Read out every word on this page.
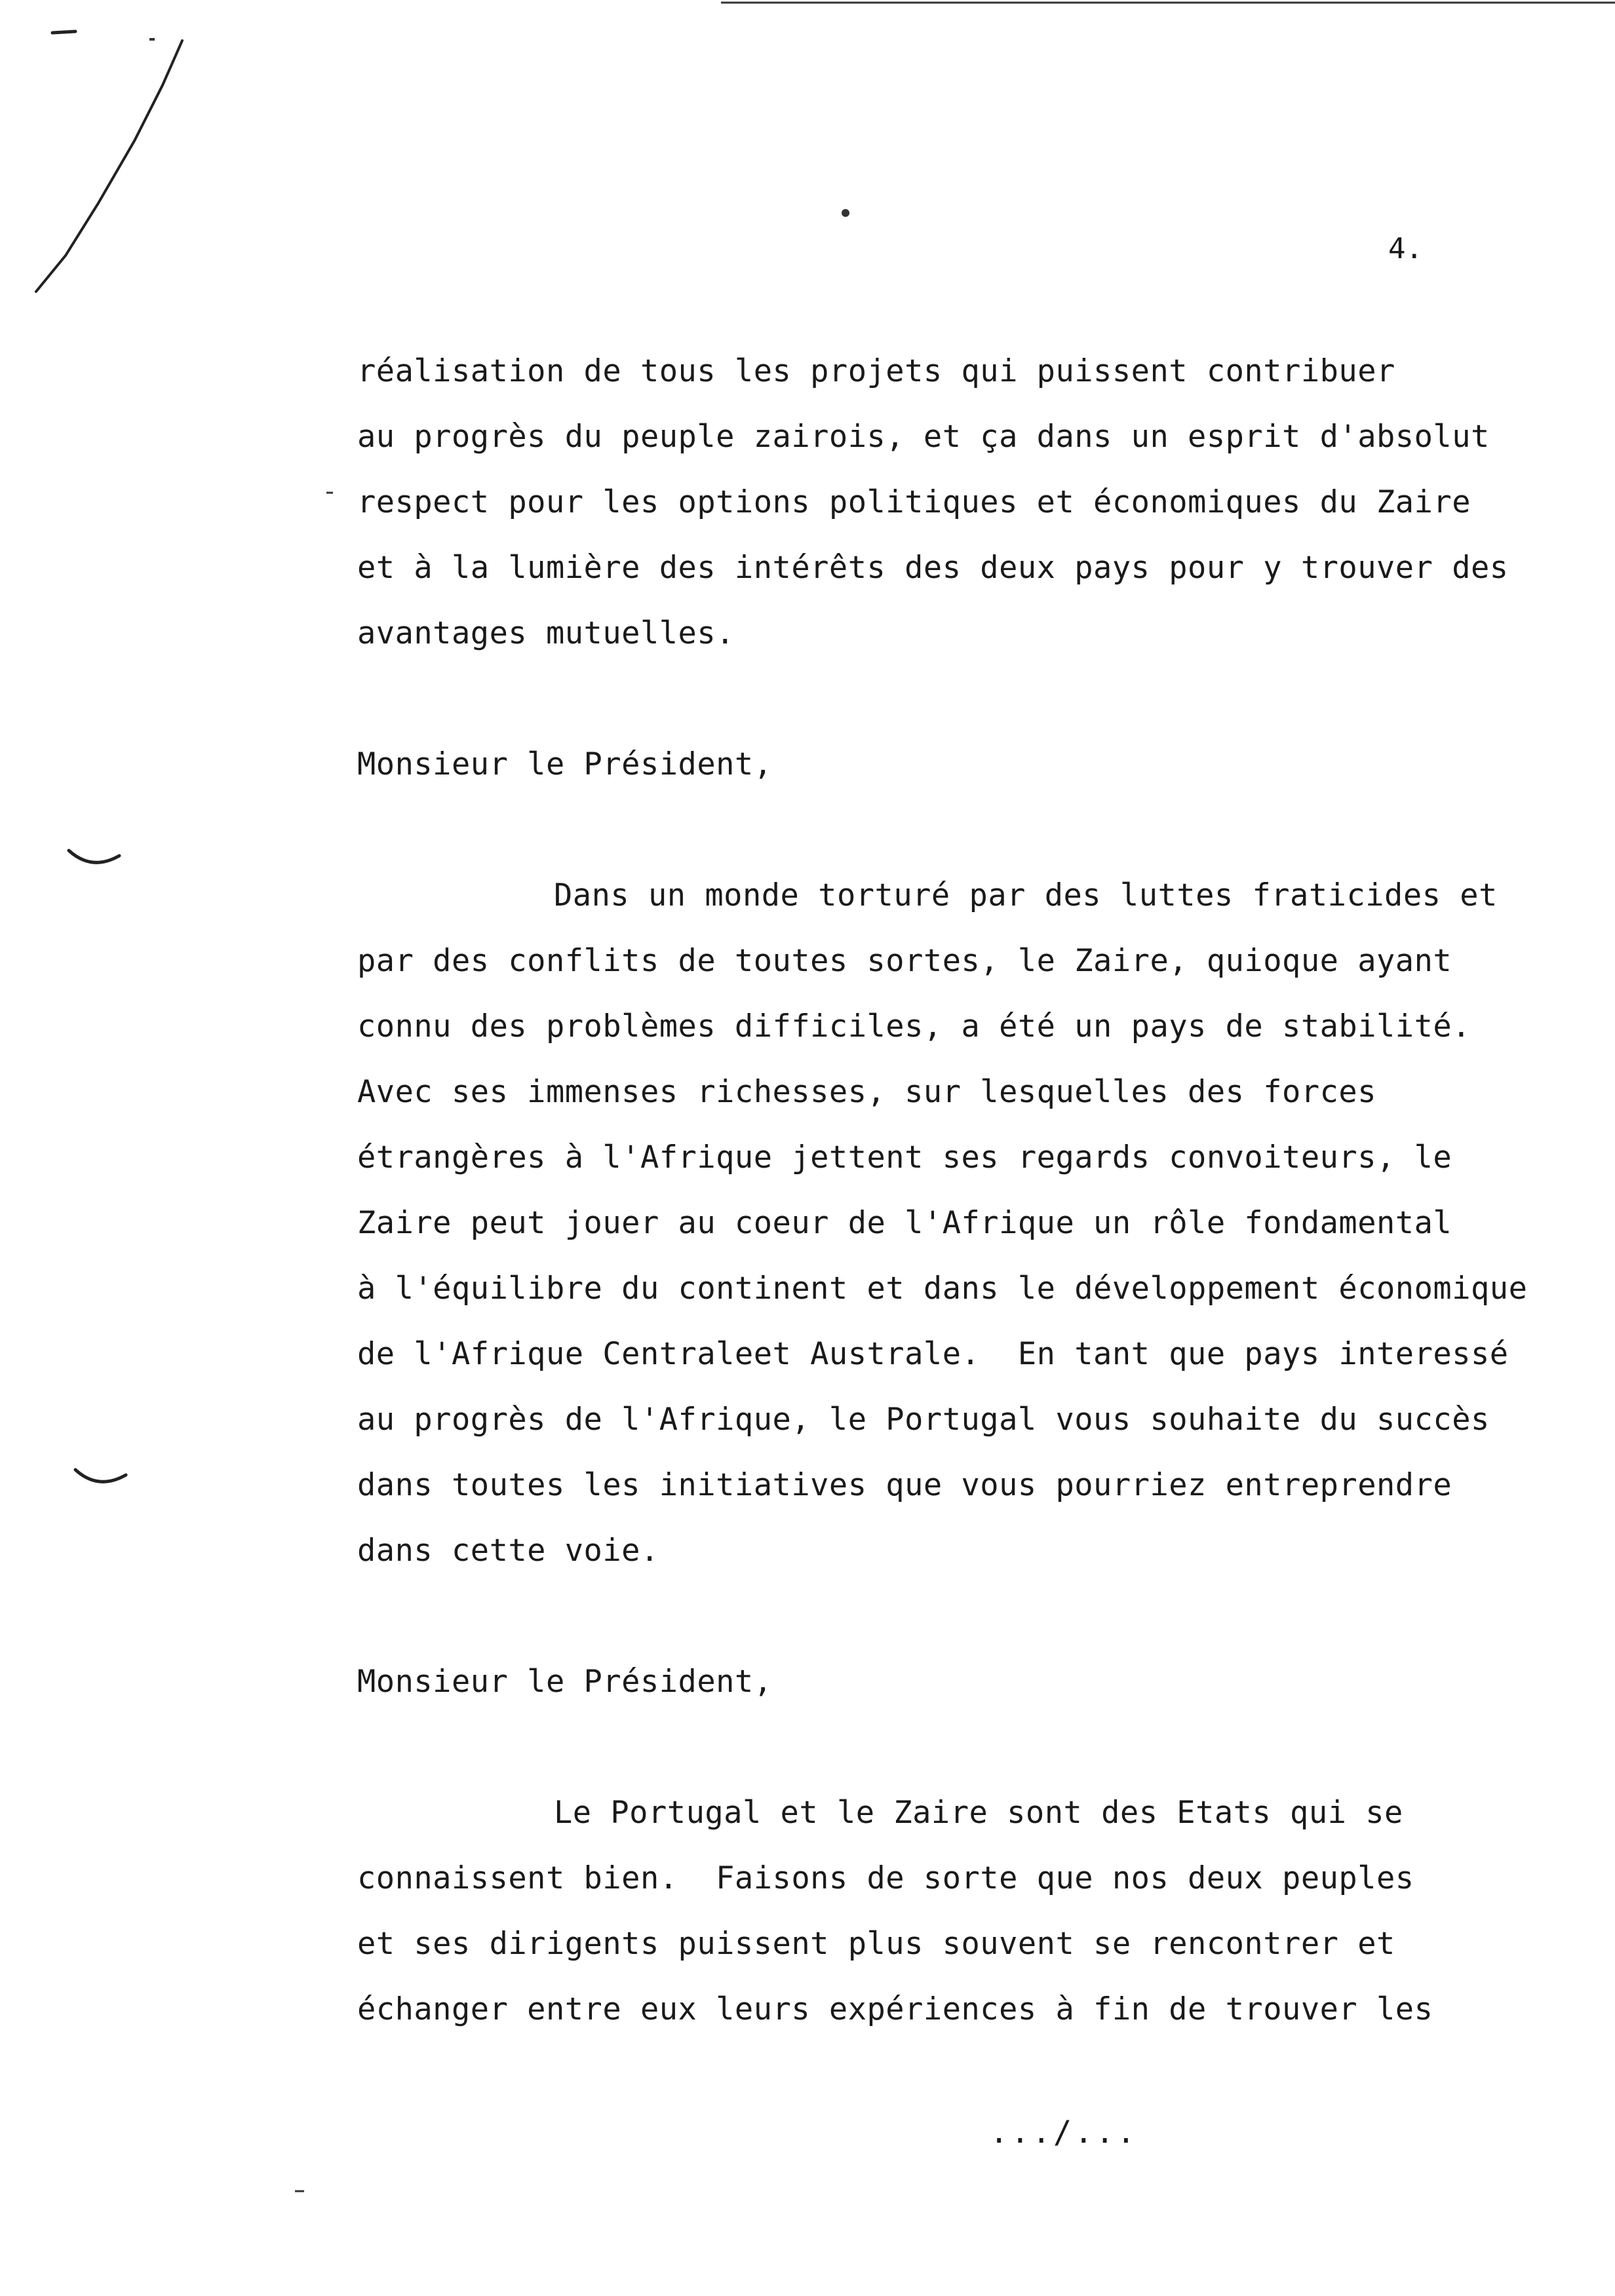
4.
réalisation de tous les projets qui puissent contribuer
au progrès du peuple zairois, et ça dans un esprit d'absolut
respect pour les options politiques et économiques du Zaire
et à la lumière des intérêts des deux pays pour y trouver des
avantages mutuelles.
Monsieur le Président,
Dans un monde torturé par des luttes fraticides et
par des conflits de toutes sortes, le Zaire, quioque ayant
connu des problèmes difficiles, a été un pays de stabilité.
Avec ses immenses richesses, sur lesquelles des forces
étrangères à l'Afrique jettent ses regards convoiteurs, le
Zaire peut jouer au coeur de l'Afrique un rôle fondamental
à l'équilibre du continent et dans le développement économique
de l'Afrique Centraleet Australe.  En tant que pays interessé
au progrès de l'Afrique, le Portugal vous souhaite du succès
dans toutes les initiatives que vous pourriez entreprendre
dans cette voie.
Monsieur le Président,
Le Portugal et le Zaire sont des Etats qui se
connaissent bien.  Faisons de sorte que nos deux peuples
et ses dirigents puissent plus souvent se rencontrer et
échanger entre eux leurs expériences à fin de trouver les
.../...
